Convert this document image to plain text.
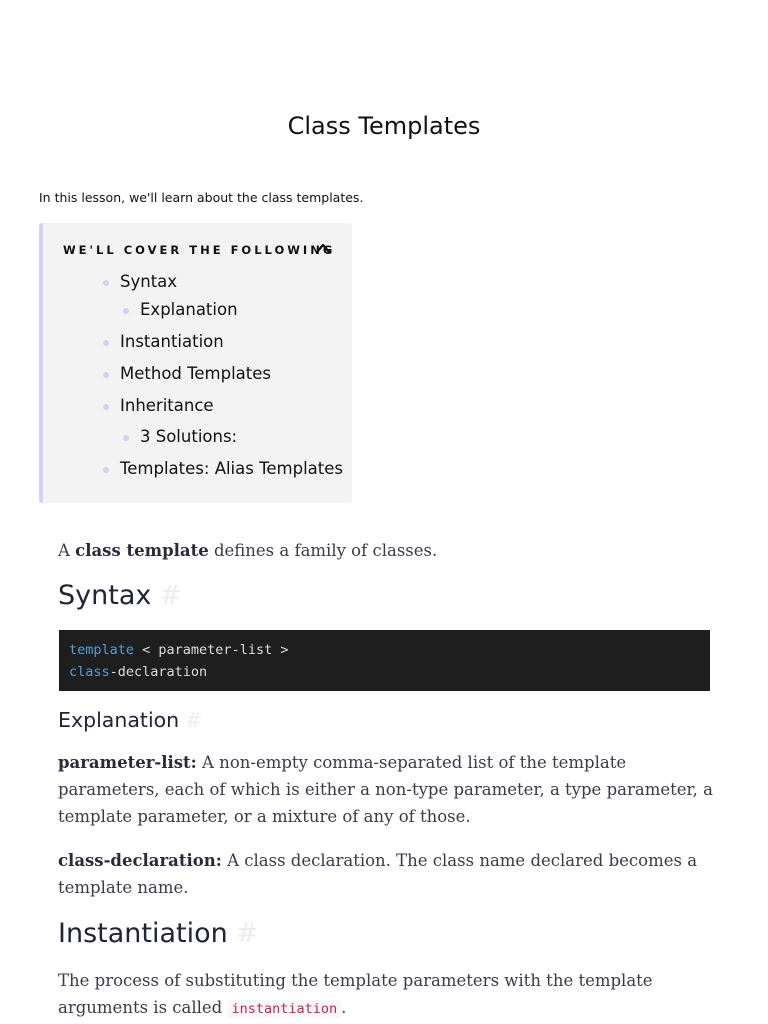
Class Templates
In this lesson, we'll learn about the class templates.
WE'LL COVER THE FOLLOWING
Syntax
Explanation
Instantiation
Method Templates
Inheritance
3 Solutions:
Templates: Alias Templates

A class template defines a family of classes.

Syntax #
template < parameter-list >
class-declaration
Explanation #

parameter-list: A non-empty comma-separated list of the template parameters, each of which is either a non-type parameter, a type parameter, a template parameter, or a mixture of any of those.

class-declaration: A class declaration. The class name declared becomes a template name.

Instantiation #

The process of substituting the template parameters with the template arguments is called instantiation .
